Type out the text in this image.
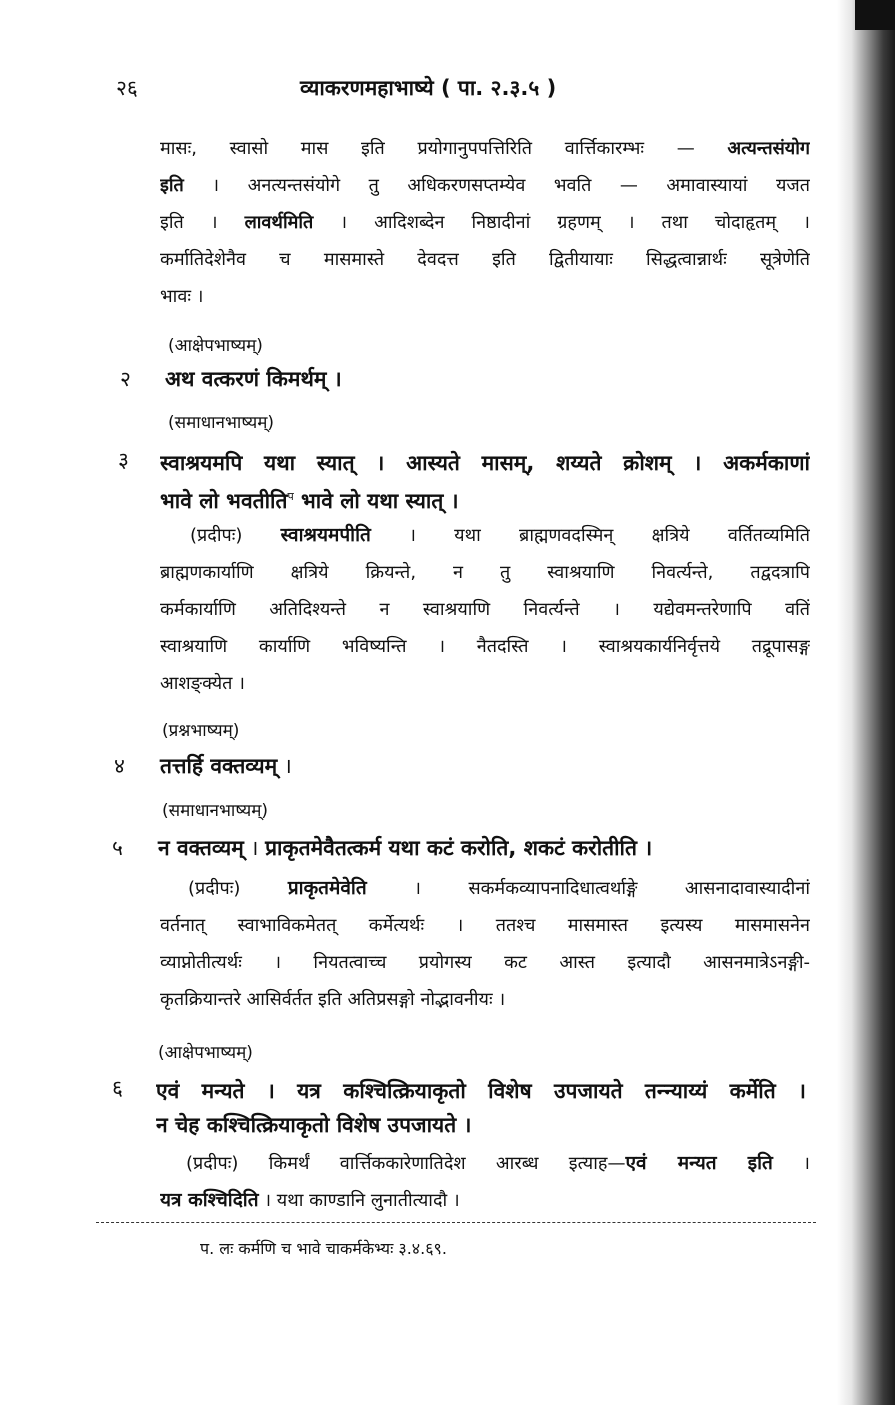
२६	व्याकरणमहाभाष्ये ( पा. २.३.५ )
मासः, स्वासो मास इति प्रयोगानुपपत्तिरिति वार्त्तिकारम्भः — अत्यन्तसंयोग
इति । अनत्यन्तसंयोगे तु अधिकरणसप्तम्येव भवति — अमावास्यायां यजत
इति । लावर्थमिति । आदिशब्देन निष्ठादीनां ग्रहणम् । तथा चोदाहृतम् ।
कर्मातिदेशेनैव च मासमास्ते देवदत्त इति द्वितीयायाः सिद्धत्वान्नार्थः सूत्रेणेति
भावः ।
(आक्षेपभाष्यम्)
२ अथ वत्करणं किमर्थम् ।
(समाधानभाष्यम्)
३ स्वाश्रयमपि यथा स्यात् । आस्यते मासम्, शय्यते क्रोशम् । अकर्मकाणां
भावे लो भवतीति$^प$ भावे लो यथा स्यात् ।
(प्रदीपः) स्वाश्रयमपीति । यथा ब्राह्मणवदस्मिन् क्षत्रिये वर्तितव्यमिति
ब्राह्मणकार्याणि क्षत्रिये क्रियन्ते, न तु स्वाश्रयाणि निवर्त्यन्ते, तद्वदत्रापि
कर्मकार्याणि अतिदिश्यन्ते न स्वाश्रयाणि निवर्त्यन्ते । यद्येवमन्तरेणापि वतिं
स्वाश्रयाणि कार्याणि भविष्यन्ति । नैतदस्ति । स्वाश्रयकार्यनिर्वृत्तये तद्रूपासङ्ग
आशङ्क्येत ।
(प्रश्नभाष्यम्)
४ तत्तर्हि वक्तव्यम् ।
(समाधानभाष्यम्)
५ न वक्तव्यम् । प्राकृतमेवैतत्कर्म यथा कटं करोति, शकटं करोतीति ।
(प्रदीपः) प्राकृतमेवेति	। सकर्मकव्यापनादिधात्वर्थाङ्गे आसनादावास्यादीनां
वर्तनात् स्वाभाविकमेतत् कर्मेत्यर्थः । ततश्च मासमास्त इत्यस्य मासमासनेन
व्याप्नोतीत्यर्थः । नियतत्वाच्च प्रयोगस्य कट आस्त इत्यादौ आसनमात्रेऽनङ्गी-
कृतक्रियान्तरे आसिर्वर्तत इति अतिप्रसङ्गो नोद्भावनीयः ।
(आक्षेपभाष्यम्)
६ एवं मन्यते । यत्र कश्चित्क्रियाकृतो विशेष उपजायते तन्न्याय्यं कर्मेति ।
न चेह कश्चित्क्रियाकृतो विशेष उपजायते ।
(प्रदीपः) किमर्थं वार्त्तिककारेणातिदेश आरब्ध इत्याह—एवं मन्यत इति ।
यत्र कश्चिदिति । यथा काण्डानि लुनातीत्यादौ ।
प. लः कर्मणि च भावे चाकर्मकेभ्यः ३.४.६९.
